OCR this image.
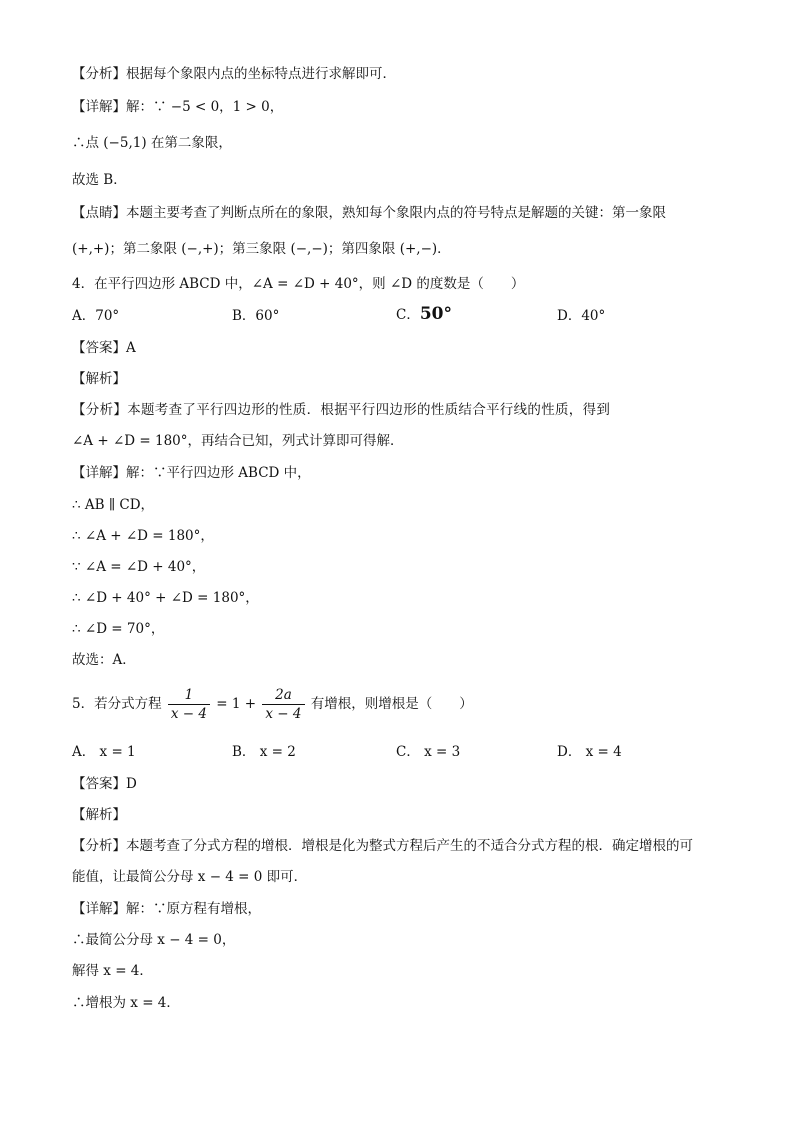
【分析】根据每个象限内点的坐标特点进行求解即可．
【详解】解：∵ −5 < 0，1 > 0，
∴点 (−5,1) 在第二象限，
故选 B．
【点睛】本题主要考查了判断点所在的象限，熟知每个象限内点的符号特点是解题的关键：第一象限
(+,+)；第二象限 (−,+)；第三象限 (−,−)；第四象限 (+,−)．
4．在平行四边形 ABCD 中，∠A = ∠D + 40°，则 ∠D 的度数是（　　）
A．70°	B．60°	C．50°	D．40°
【答案】A
【解析】
【分析】本题考查了平行四边形的性质．根据平行四边形的性质结合平行线的性质，得到
∠A + ∠D = 180°，再结合已知，列式计算即可得解．
【详解】解：∵平行四边形 ABCD 中，
∴ AB ∥ CD，
∴ ∠A + ∠D = 180°，
∵ ∠A = ∠D + 40°，
∴ ∠D + 40° + ∠D = 180°，
∴ ∠D = 70°，
故选：A．
5．若分式方程 $\frac{1}{x - 4} = 1 + \frac{2a}{x - 4}$ 有增根，则增根是（　　）
A． x = 1	B． x = 2	C． x = 3	D． x = 4
【答案】D
【解析】
【分析】本题考查了分式方程的增根．增根是化为整式方程后产生的不适合分式方程的根．确定增根的可
能值，让最简公分母 x − 4 = 0 即可．
【详解】解：∵原方程有增根，
∴最简公分母 x − 4 = 0，
解得 x = 4．
∴增根为 x = 4．
